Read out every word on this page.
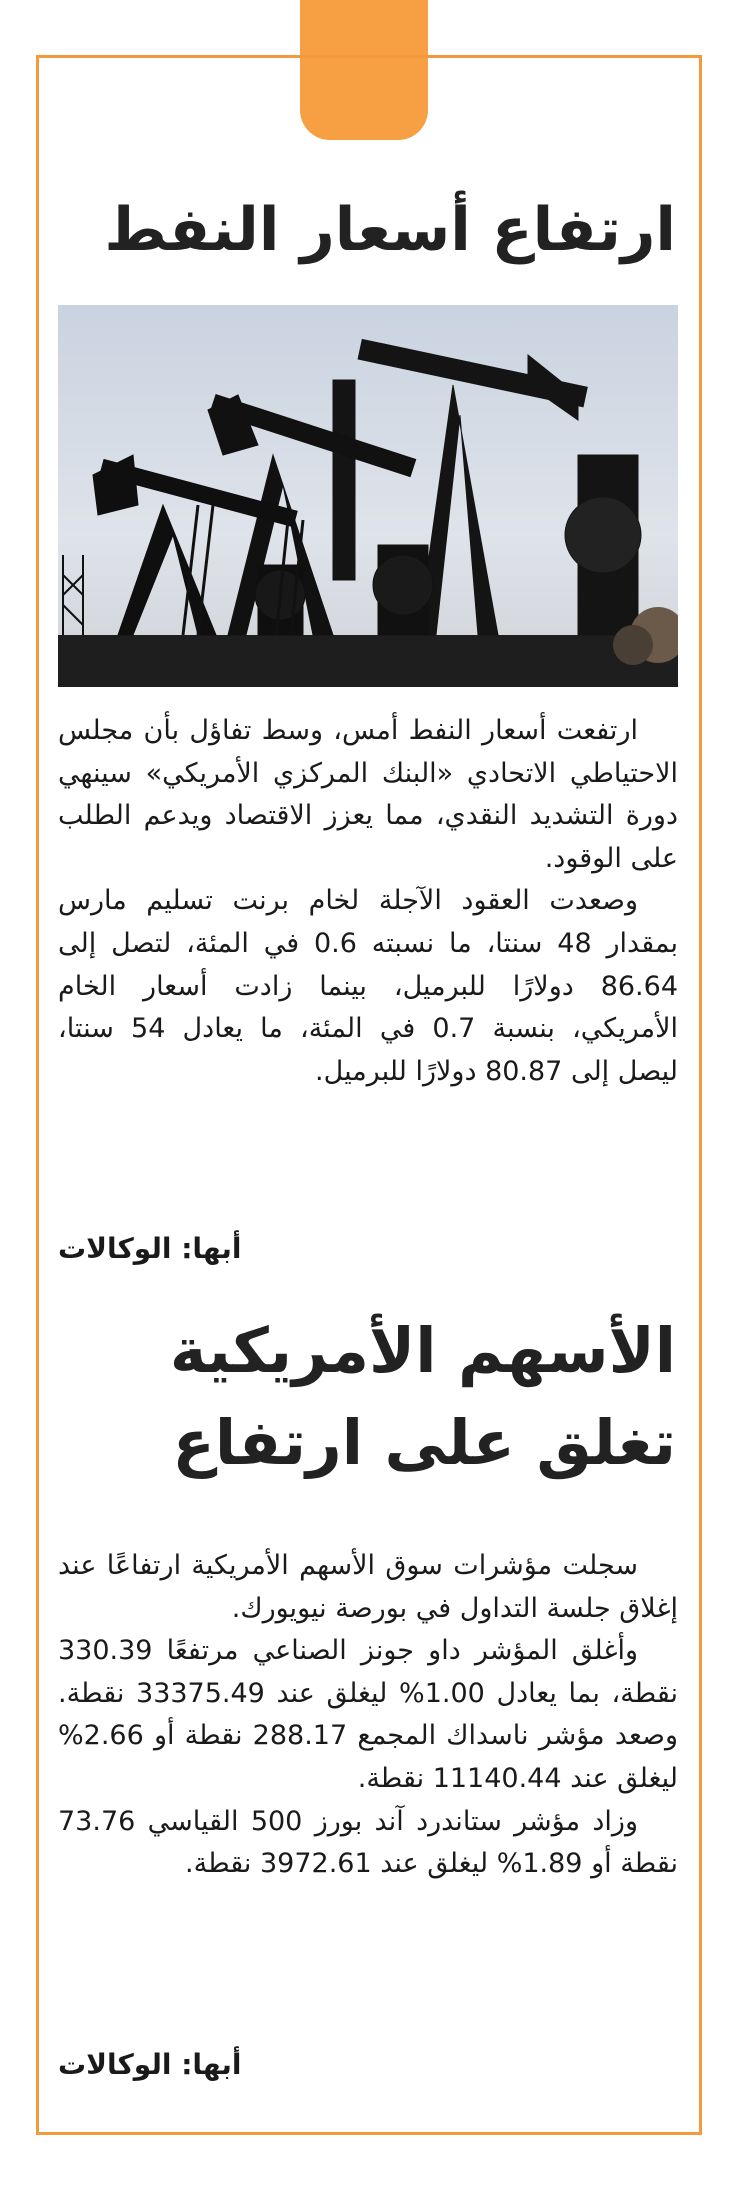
ارتفاع أسعار النفط

ارتفعت أسعار النفط أمس، وسط تفاؤل بأن مجلس الاحتياطي الاتحادي «البنك المركزي الأمريكي» سينهي دورة التشديد النقدي، مما يعزز الاقتصاد ويدعم الطلب على الوقود.

وصعدت العقود الآجلة لخام برنت تسليم مارس بمقدار 48 سنتا، ما نسبته 0.6 في المئة، لتصل إلى 86.64 دولارًا للبرميل، بينما زادت أسعار الخام الأمريكي، بنسبة 0.7 في المئة، ما يعادل 54 سنتا، ليصل إلى 80.87 دولارًا للبرميل.

أبها: الوكالات
الأسهم الأمريكية
تغلق على ارتفاع

سجلت مؤشرات سوق الأسهم الأمريكية ارتفاعًا عند إغلاق جلسة التداول في بورصة نيويورك.

وأغلق المؤشر داو جونز الصناعي مرتفعًا 330.39 نقطة، بما يعادل 1.00% ليغلق عند 33375.49 نقطة. وصعد مؤشر ناسداك المجمع 288.17 نقطة أو 2.66% ليغلق عند 11140.44 نقطة.

وزاد مؤشر ستاندرد آند بورز 500 القياسي 73.76 نقطة أو 1.89% ليغلق عند 3972.61 نقطة.

أبها: الوكالات
